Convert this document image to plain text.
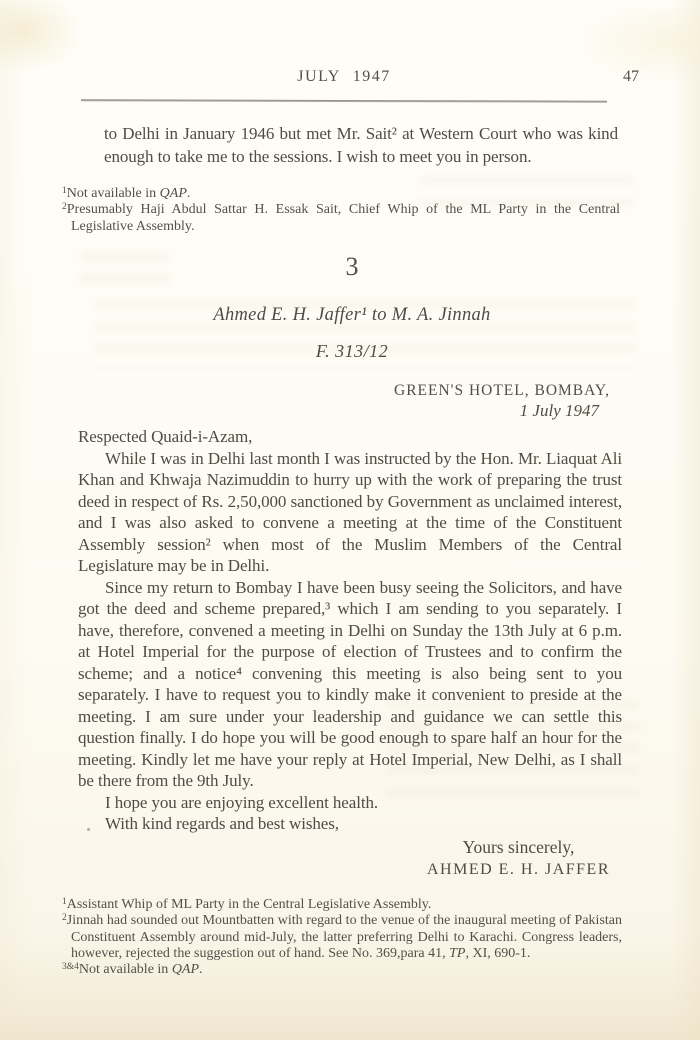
JULY 1947	47
to Delhi in January 1946 but met Mr. Sait² at Western Court who was kind enough to take me to the sessions. I wish to meet you in person.

$^1$Not available in QAP.

$^2$Presumably Haji Abdul Sattar H. Essak Sait, Chief Whip of the ML Party in the Central Legislative Assembly.

3
Ahmed E. H. Jaffer¹ to M. A. Jinnah
F. 313/12
GREEN'S HOTEL, BOMBAY,
1 July 1947

Respected Quaid-i-Azam,

While I was in Delhi last month I was instructed by the Hon. Mr. Liaquat Ali Khan and Khwaja Nazimuddin to hurry up with the work of preparing the trust deed in respect of Rs. 2,50,000 sanctioned by Government as unclaimed interest, and I was also asked to convene a meeting at the time of the Constituent Assembly session² when most of the Muslim Members of the Central Legislature may be in Delhi.

Since my return to Bombay I have been busy seeing the Solicitors, and have got the deed and scheme prepared,³ which I am sending to you separately. I have, therefore, convened a meeting in Delhi on Sunday the 13th July at 6 p.m. at Hotel Imperial for the purpose of election of Trustees and to confirm the scheme; and a notice⁴ convening this meeting is also being sent to you separately. I have to request you to kindly make it convenient to preside at the meeting. I am sure under your leadership and guidance we can settle this question finally. I do hope you will be good enough to spare half an hour for the meeting. Kindly let me have your reply at Hotel Imperial, New Delhi, as I shall be there from the 9th July.

I hope you are enjoying excellent health.

With kind regards and best wishes,

Yours sincerely,
AHMED E. H. JAFFER

$^1$Assistant Whip of ML Party in the Central Legislative Assembly.

$^2$Jinnah had sounded out Mountbatten with regard to the venue of the inaugural meeting of Pakistan Constituent Assembly around mid-July, the latter preferring Delhi to Karachi. Congress leaders, however, rejected the suggestion out of hand. See No. 369,para 41, TP, XI, 690-1.

$^{3\&4}$Not available in QAP.
